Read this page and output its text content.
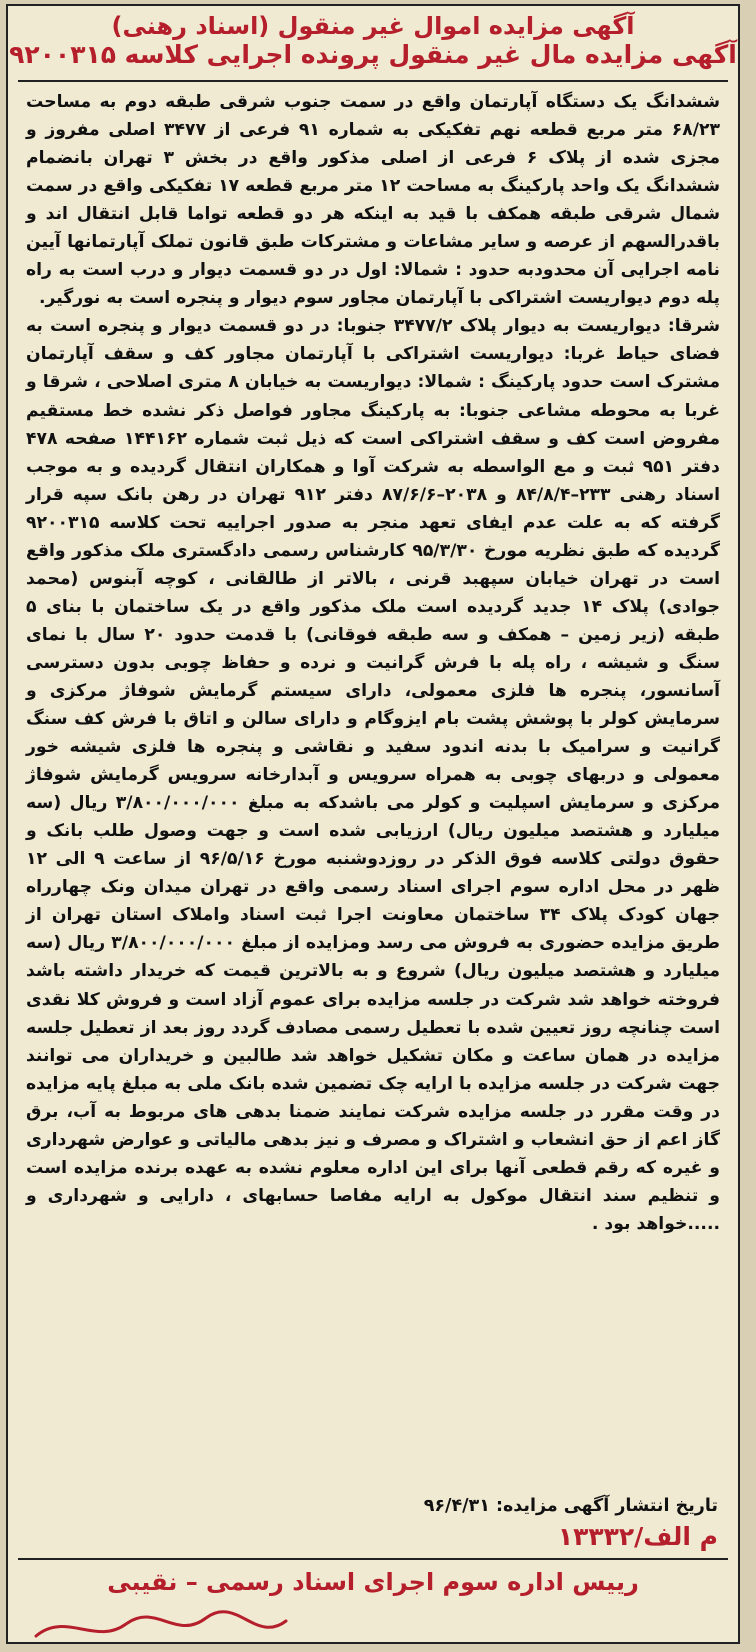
آگهی مزایده اموال غیر منقول (اسناد رهنی)
آگهی مزایده مال غیر منقول پرونده اجرایی کلاسه ۹۲۰۰۳۱۵
ششدانگ یک دستگاه آپارتمان واقع در سمت جنوب شرقی طبقه دوم به مساحت ۶۸/۲۳ متر مربع قطعه نهم تفکیکی به شماره ۹۱ فرعی از ۳۴۷۷ اصلی مفروز و مجزی شده از پلاک ۶ فرعی از اصلی مذکور واقع در بخش ۳ تهران بانضمام ششدانگ یک واحد پارکینگ به مساحت ۱۲ متر مربع قطعه ۱۷ تفکیکی واقع در سمت شمال شرقی طبقه همکف با قید به اینکه هر دو قطعه تواما قابل انتقال اند و باقدرالسهم از عرصه و سایر مشاعات و مشترکات طبق قانون تملک آپارتمانها آیین نامه اجرایی آن محدودبه حدود : شمالا: اول در دو قسمت دیوار و درب است به راه پله دوم دیواریست اشتراکی با آپارتمان مجاور سوم دیوار و پنجره است به نورگیر.
شرقا: دیواریست به دیوار پلاک ۳۴۷۷/۲ جنوبا: در دو قسمت دیوار و پنجره است به فضای حیاط غربا: دیواریست اشتراکی با آپارتمان مجاور کف و سقف آپارتمان مشترک است حدود پارکینگ : شمالا: دیواریست به خیابان ۸ متری اصلاحی ، شرقا و غربا به محوطه مشاعی جنوبا: به پارکینگ مجاور فواصل ذکر نشده خط مستقیم مفروض است کف و سقف اشتراکی است که ذیل ثبت شماره ۱۴۴۱۶۲ صفحه ۴۷۸ دفتر ۹۵۱ ثبت و مع الواسطه به شرکت آوا و همکاران انتقال گردیده و به موجب اسناد رهنی ۲۳۳–۸۴/۸/۴ و ۲۰۳۸–۸۷/۶/۶ دفتر ۹۱۲ تهران در رهن بانک سپه قرار گرفته که به علت عدم ایفای تعهد منجر به صدور اجراییه تحت کلاسه ۹۲۰۰۳۱۵ گردیده که طبق نظریه مورخ ۹۵/۳/۳۰ کارشناس رسمی دادگستری ملک مذکور واقع است در تهران خیابان سپهبد قرنی ، بالاتر از طالقانی ، کوچه آبنوس (محمد جوادی) پلاک ۱۴ جدید گردیده است ملک مذکور واقع در یک ساختمان با بنای ۵ طبقه (زیر زمین – همکف و سه طبقه فوقانی) با قدمت حدود ۲۰ سال با نمای سنگ و شیشه ، راه پله با فرش گرانیت و نرده و حفاظ چوبی بدون دسترسی آسانسور، پنجره ها فلزی معمولی، دارای سیستم گرمایش شوفاژ مرکزی و سرمایش کولر با پوشش پشت بام ایزوگام و دارای سالن و اتاق با فرش کف سنگ گرانیت و سرامیک با بدنه اندود سفید و نقاشی و پنجره ها فلزی شیشه خور معمولی و دربهای چوبی به همراه سرویس و آبدارخانه سرویس گرمایش شوفاژ مرکزی و سرمایش اسپلیت و کولر می باشدکه به مبلغ ۳/۸۰۰/۰۰۰/۰۰۰ ریال (سه میلیارد و هشتصد میلیون ریال) ارزیابی شده است و جهت وصول طلب بانک و حقوق دولتی کلاسه فوق الذکر در روزدوشنبه مورخ ۹۶/۵/۱۶ از ساعت ۹ الی ۱۲ ظهر در محل اداره سوم اجرای اسناد رسمی واقع در تهران میدان ونک چهارراه جهان کودک پلاک ۳۴ ساختمان معاونت اجرا ثبت اسناد واملاک استان تهران از طریق مزایده حضوری به فروش می رسد ومزایده از مبلغ ۳/۸۰۰/۰۰۰/۰۰۰ ریال (سه میلیارد و هشتصد میلیون ریال) شروع و به بالاترین قیمت که خریدار داشته باشد فروخته خواهد شد شرکت در جلسه مزایده برای عموم آزاد است و فروش کلا نقدی است چنانچه روز تعیین شده با تعطیل رسمی مصادف گردد روز بعد از تعطیل جلسه مزایده در همان ساعت و مکان تشکیل خواهد شد طالبین و خریداران می توانند جهت شرکت در جلسه مزایده با ارایه چک تضمین شده بانک ملی به مبلغ پایه مزایده در وقت مقرر در جلسه مزایده شرکت نمایند ضمنا بدهی های مربوط به آب، برق گاز اعم از حق انشعاب و اشتراک و مصرف و نیز بدهی مالیاتی و عوارض شهرداری و غیره که رقم قطعی آنها برای این اداره معلوم نشده به عهده برنده مزایده است و تنظیم سند انتقال موکول به ارایه مفاصا حسابهای ، دارایی و شهرداری و .....خواهد بود .
تاریخ انتشار آگهی مزایده: ۹۶/۴/۳۱
م الف/۱۳۳۳۲
رییس اداره سوم اجرای اسناد رسمی – نقیبی
